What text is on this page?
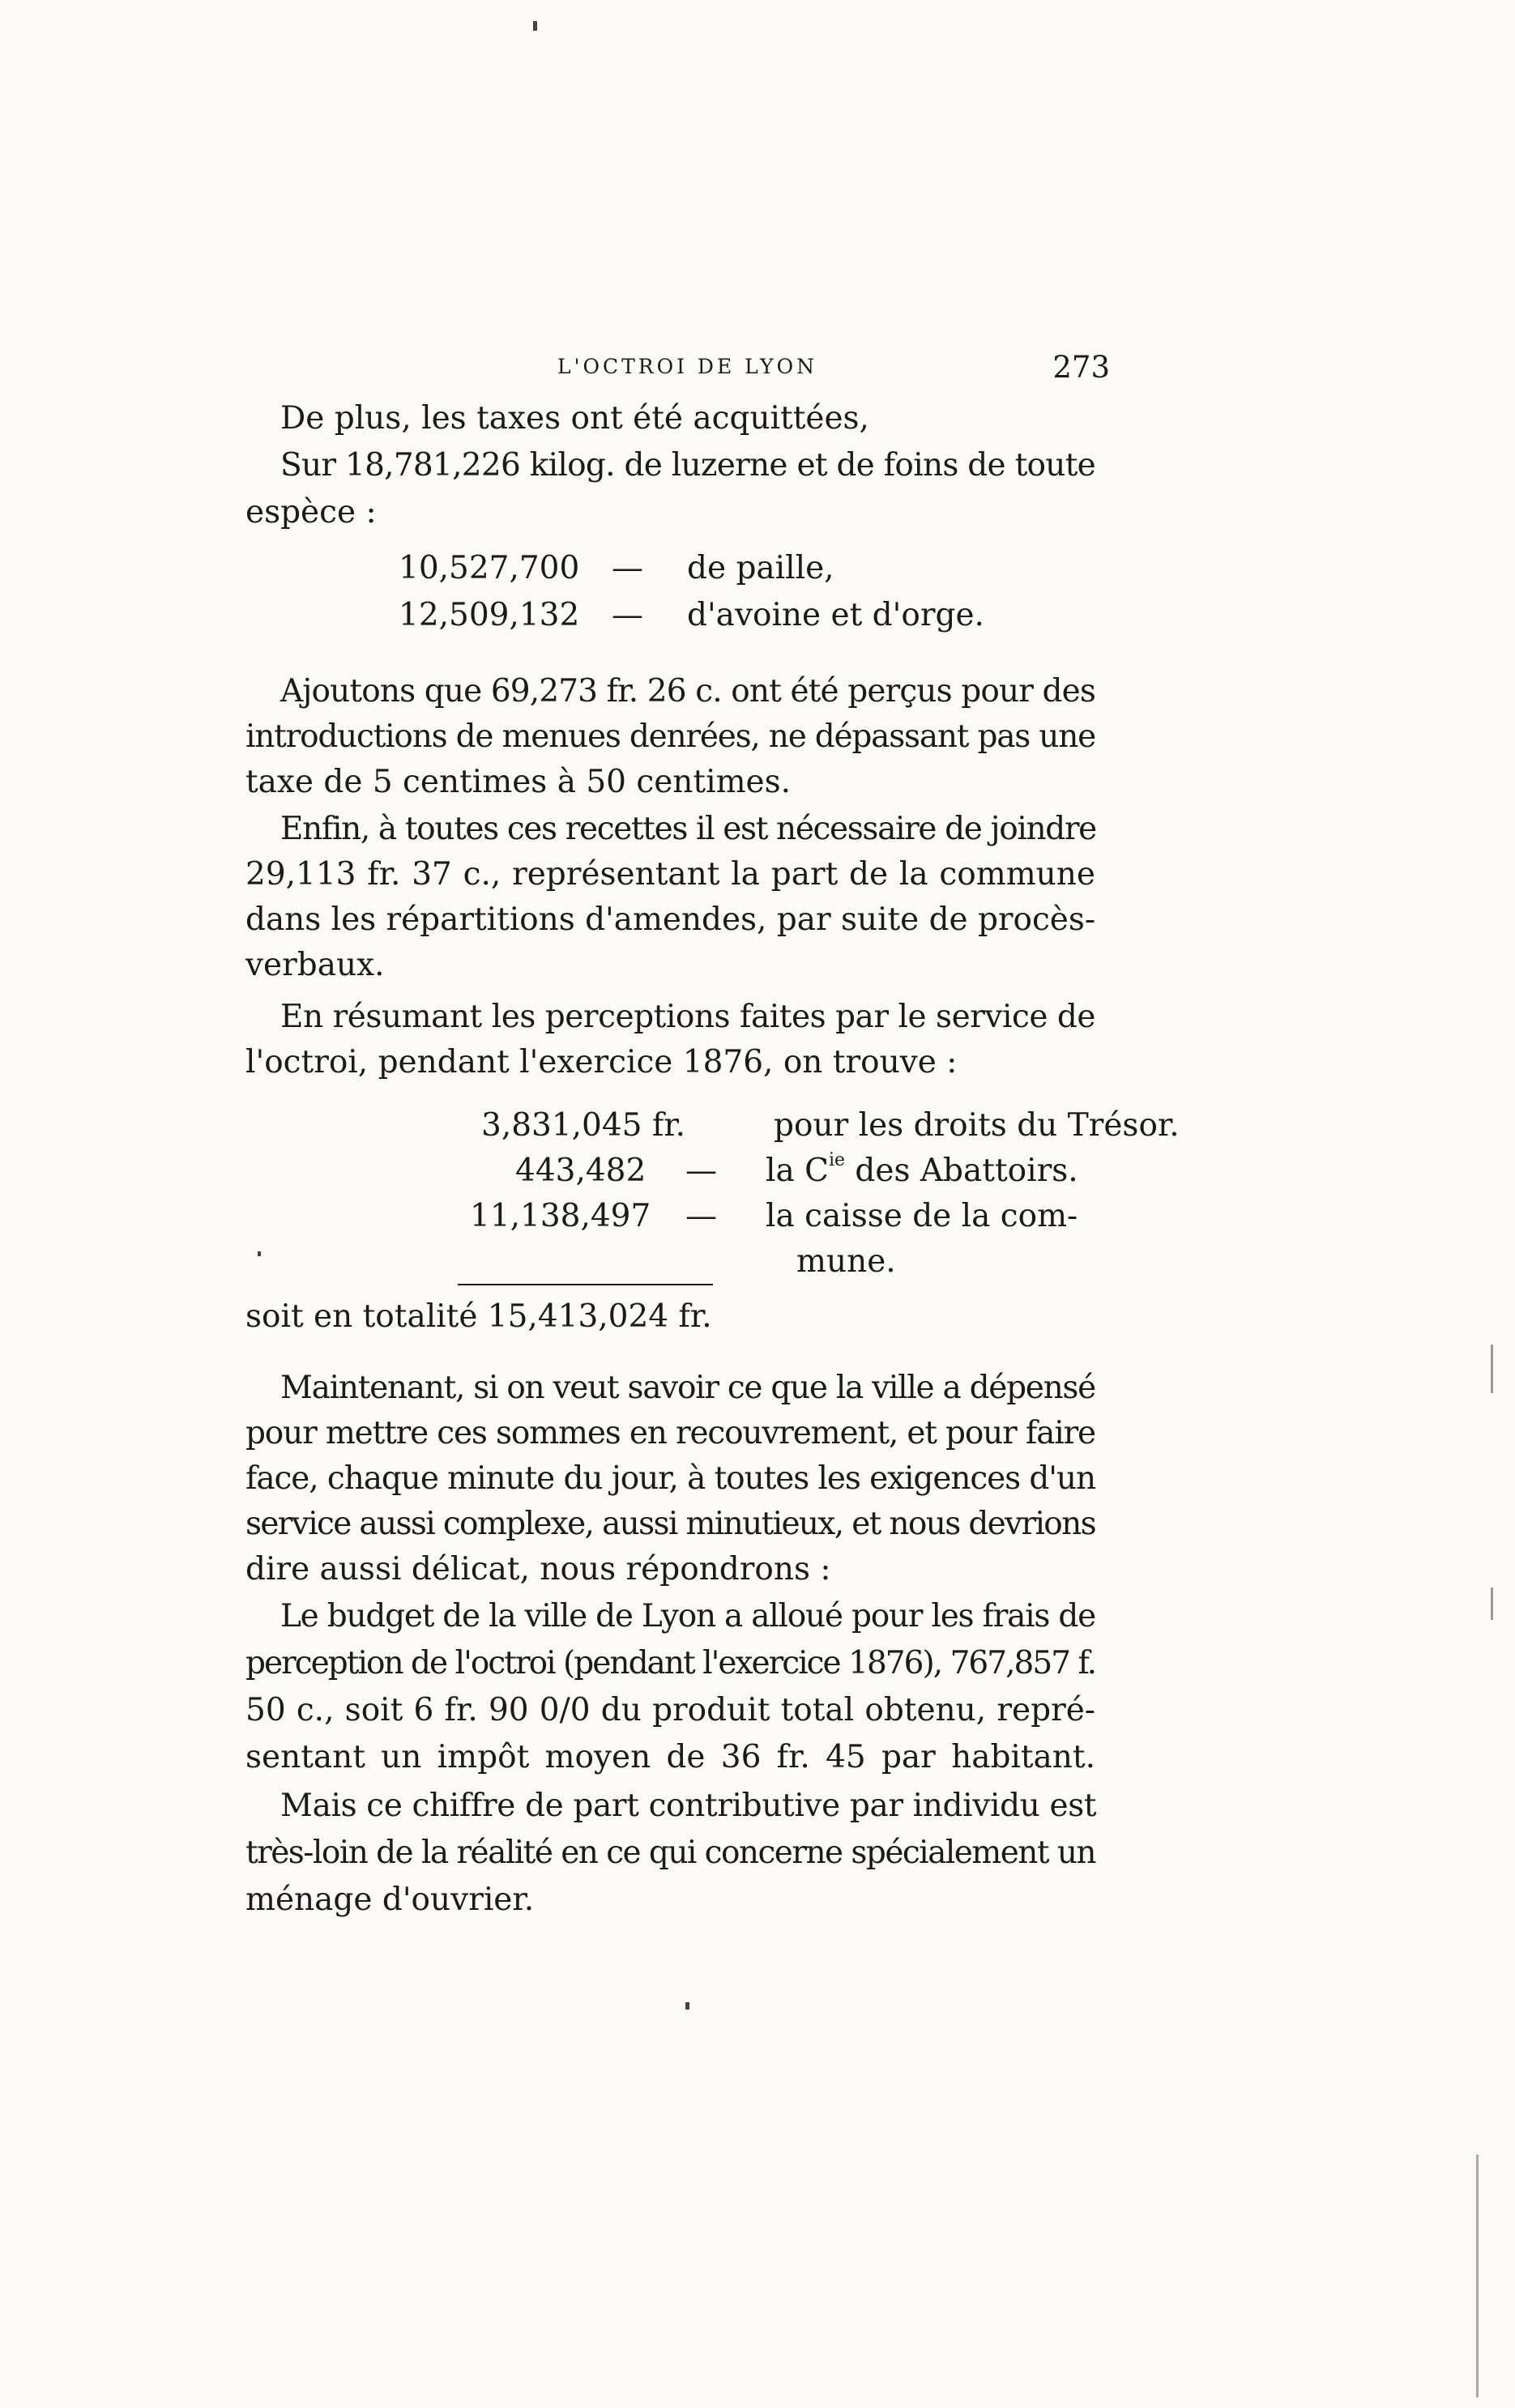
L'OCTROI DE LYON	273
De plus, les taxes ont été acquittées,
Sur 18,781,226 kilog. de luzerne et de foins de toute
espèce :
10,527,700 — de paille,
12,509,132 — d'avoine et d'orge.
Ajoutons que 69,273 fr. 26 c. ont été perçus pour des
introductions de menues denrées, ne dépassant pas une
taxe de 5 centimes à 50 centimes.
Enfin, à toutes ces recettes il est nécessaire de joindre
29,113 fr. 37 c., représentant la part de la commune
dans les répartitions d'amendes, par suite de procès-
verbaux.
En résumant les perceptions faites par le service de
l'octroi, pendant l'exercice 1876, on trouve :
3,831,045 fr.	pour les droits du Trésor.
443,482 — la $C^{ie}$ des Abattoirs.
11,138,497 — la caisse de la com-
mune.
soit en totalité 15,413,024 fr.
Maintenant, si on veut savoir ce que la ville a dépensé
pour mettre ces sommes en recouvrement, et pour faire
face, chaque minute du jour, à toutes les exigences d'un
service aussi complexe, aussi minutieux, et nous devrions
dire aussi délicat, nous répondrons :
Le budget de la ville de Lyon a alloué pour les frais de
perception de l'octroi (pendant l'exercice 1876), 767,857 f.
50 c., soit 6 fr. 90 0/0 du produit total obtenu, repré-
sentant un impôt moyen de 36 fr. 45 par habitant.
Mais ce chiffre de part contributive par individu est
très-loin de la réalité en ce qui concerne spécialement un
ménage d'ouvrier.
